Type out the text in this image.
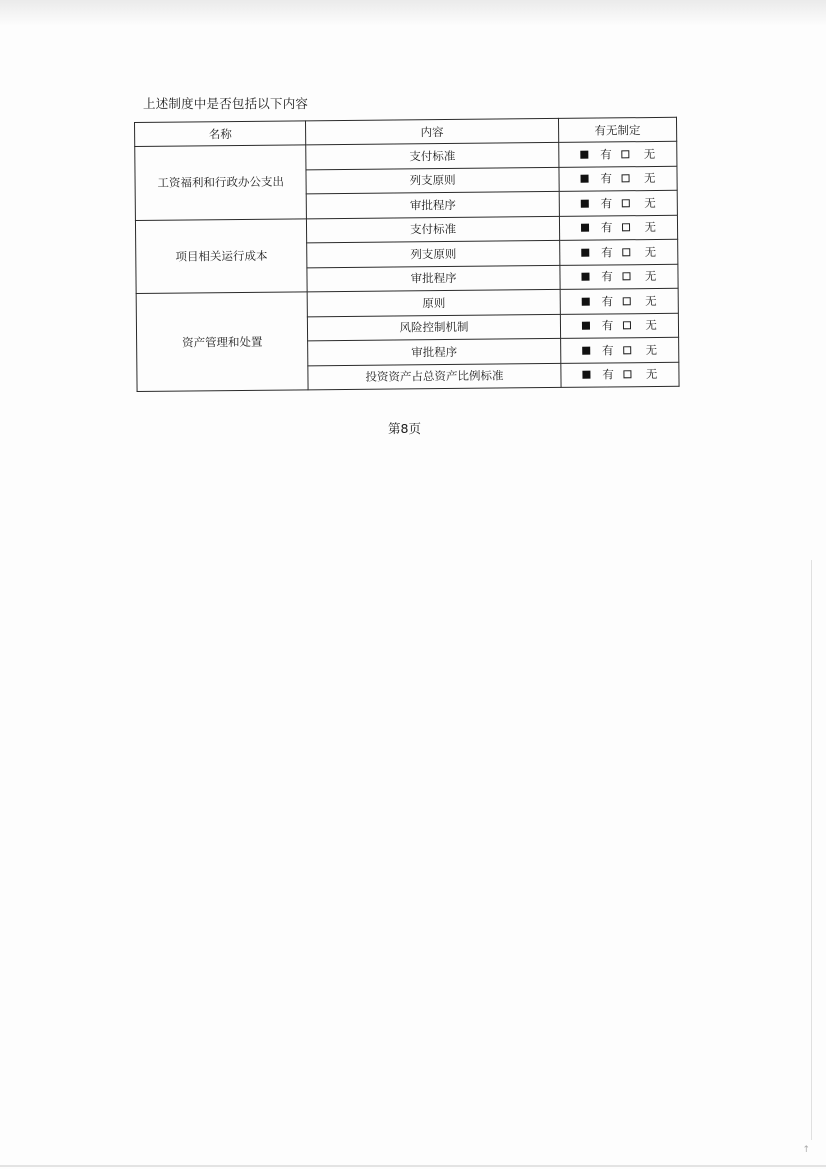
上述制度中是否包括以下内容
名称	内容	有无制定
工资福利和行政办公支出	支付标准	有 无
	列支原则	有 无
	审批程序	有 无
项目相关运行成本	支付标准	有 无
	列支原则	有 无
	审批程序	有 无
资产管理和处置	原则	有 无
	风险控制机制	有 无
	审批程序	有 无
	投资资产占总资产比例标准	有 无
第8页
↑
